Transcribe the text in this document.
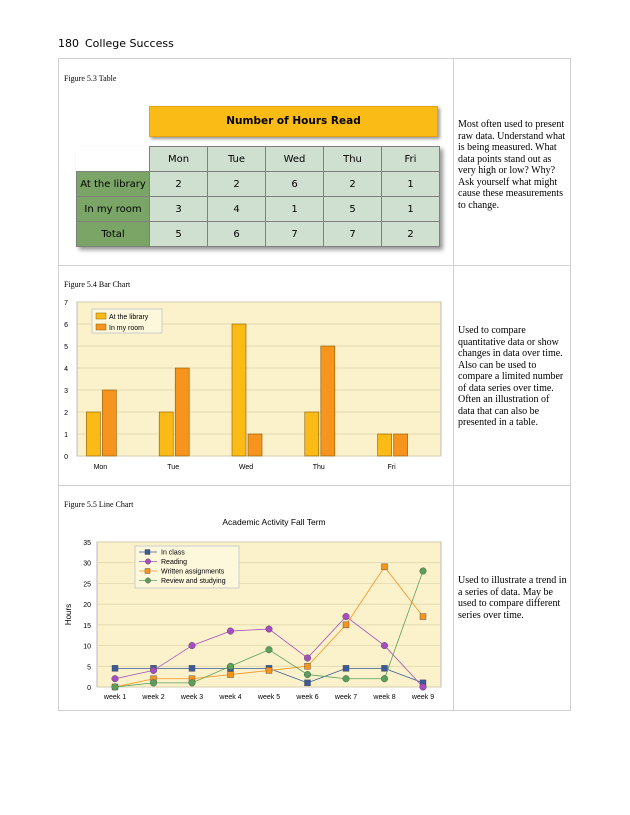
180 College Success
Figure 5.3 Table
Number of Hours Read
	Mon	Tue	Wed	Thu	Fri
At the library	2	2	6	2	1
In my room	3	4	1	5	1
Total	5	6	7	7	2
Most often used to present raw data. Understand what is being measured. What data points stand out as very high or low? Why? Ask yourself what might cause these measurements to change.
Figure 5.4 Bar Chart
0
1
2
3
4
5
6
7
Mon	Tue	Wed	Thu	Fri
At the library
In my room	Used to compare quantitative data or show changes in data over time. Also can be used to compare a limited number of data series over time. Often an illustration of data that can also be presented in a table.
Figure 5.5 Line Chart
Academic Activity Fall Term
0
5
10
15
20
25
30
35
Hours
week 1 week 2 week 3 week 4 week 5 week 6 week 7 week 8 week 9
In class
Reading
Written assignments
Review and studying	Used to illustrate a trend in a series of data. May be used to compare different series over time.
